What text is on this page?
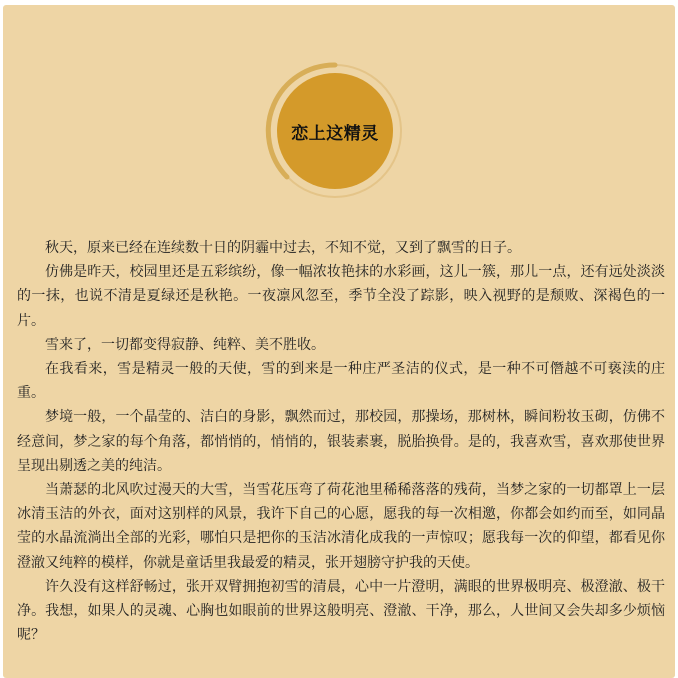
恋上这精灵

秋天，原来已经在连续数十日的阴霾中过去，不知不觉，又到了飘雪的日子。

仿佛是昨天，校园里还是五彩缤纷，像一幅浓妆艳抹的水彩画，这儿一簇，那儿一点，还有远处淡淡的一抹，也说不清是夏绿还是秋艳。一夜凛风忽至，季节全没了踪影，映入视野的是颓败、深褐色的一片。

雪来了，一切都变得寂静、纯粹、美不胜收。

在我看来，雪是精灵一般的天使，雪的到来是一种庄严圣洁的仪式，是一种不可僭越不可亵渎的庄重。

梦境一般，一个晶莹的、洁白的身影，飘然而过，那校园，那操场，那树林，瞬间粉妆玉砌，仿佛不经意间，梦之家的每个角落，都悄悄的，悄悄的，银装素裹，脱胎换骨。是的，我喜欢雪，喜欢那使世界呈现出剔透之美的纯洁。

当萧瑟的北风吹过漫天的大雪，当雪花压弯了荷花池里稀稀落落的残荷，当梦之家的一切都罩上一层冰清玉洁的外衣，面对这别样的风景，我许下自己的心愿，愿我的每一次相邀，你都会如约而至，如同晶莹的水晶流淌出全部的光彩，哪怕只是把你的玉洁冰清化成我的一声惊叹；愿我每一次的仰望，都看见你澄澈又纯粹的模样，你就是童话里我最爱的精灵，张开翅膀守护我的天使。

许久没有这样舒畅过，张开双臂拥抱初雪的清晨，心中一片澄明，满眼的世界极明亮、极澄澈、极干净。我想，如果人的灵魂、心胸也如眼前的世界这般明亮、澄澈、干净，那么，人世间又会失却多少烦恼呢？
